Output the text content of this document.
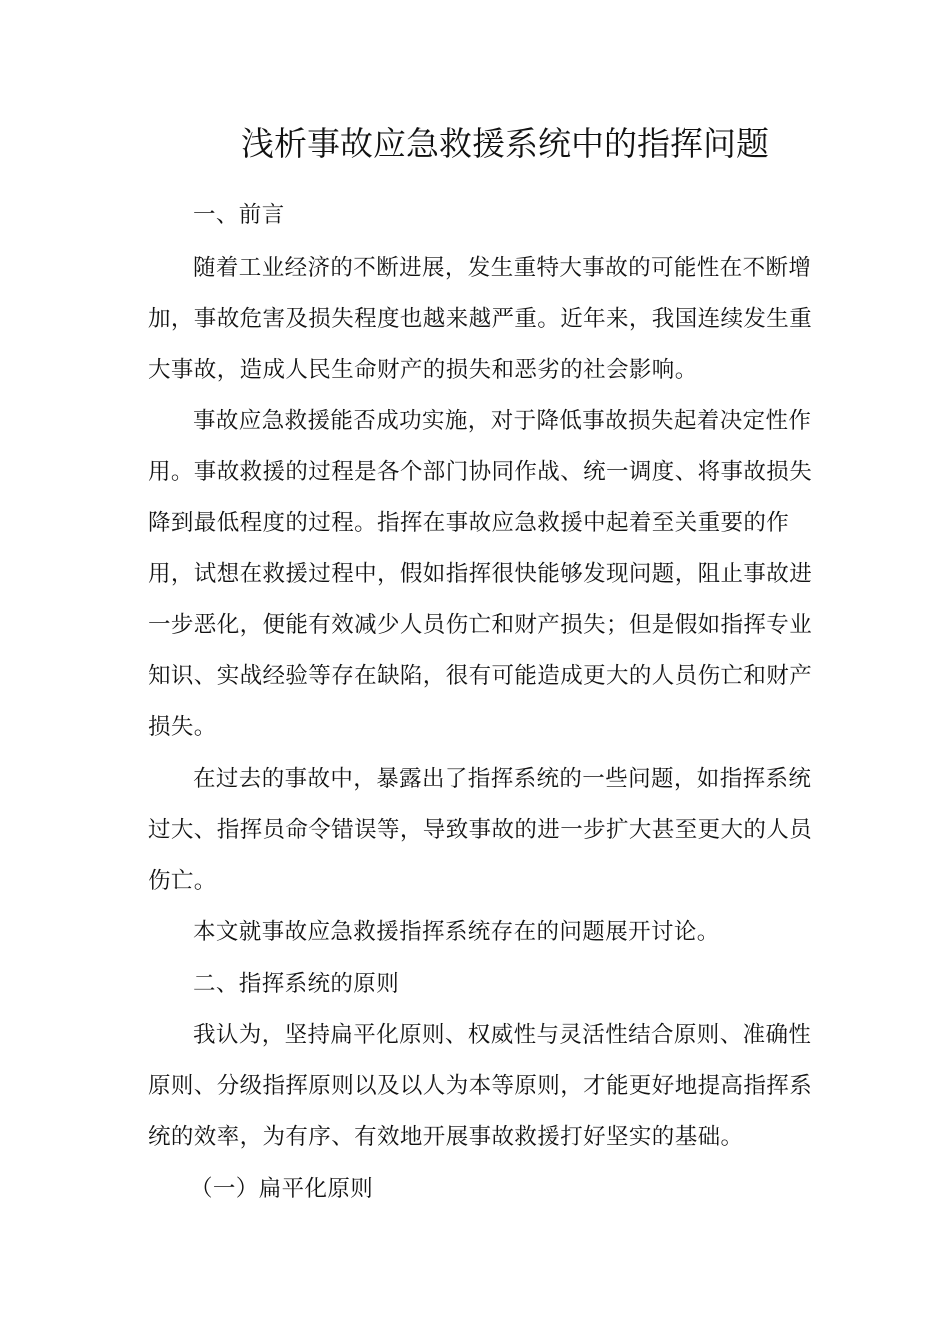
浅析事故应急救援系统中的指挥问题
一、前言
随着工业经济的不断进展，发生重特大事故的可能性在不断增
加，事故危害及损失程度也越来越严重。近年来，我国连续发生重
大事故，造成人民生命财产的损失和恶劣的社会影响。
事故应急救援能否成功实施，对于降低事故损失起着决定性作
用。事故救援的过程是各个部门协同作战、统一调度、将事故损失
降到最低程度的过程。指挥在事故应急救援中起着至关重要的作
用，试想在救援过程中，假如指挥很快能够发现问题，阻止事故进
一步恶化，便能有效减少人员伤亡和财产损失；但是假如指挥专业
知识、实战经验等存在缺陷，很有可能造成更大的人员伤亡和财产
损失。
在过去的事故中，暴露出了指挥系统的一些问题，如指挥系统
过大、指挥员命令错误等，导致事故的进一步扩大甚至更大的人员
伤亡。
本文就事故应急救援指挥系统存在的问题展开讨论。
二、指挥系统的原则
我认为，坚持扁平化原则、权威性与灵活性结合原则、准确性
原则、分级指挥原则以及以人为本等原则，才能更好地提高指挥系
统的效率，为有序、有效地开展事故救援打好坚实的基础。
（一）扁平化原则
